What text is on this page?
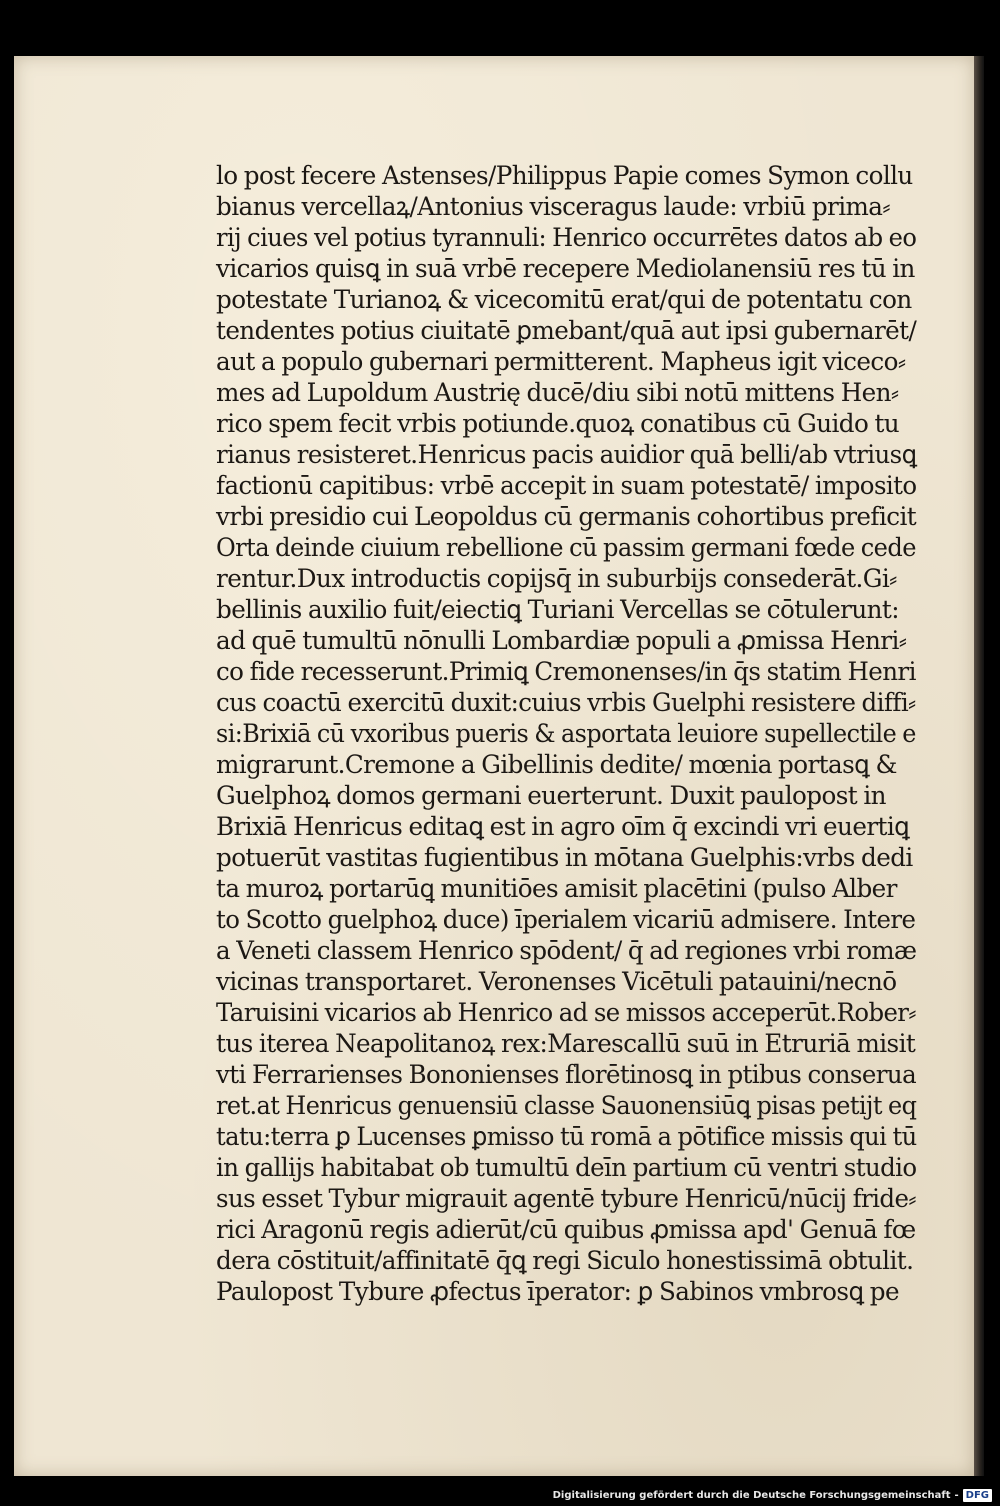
lo post fecere Astenses/Philippus Papie comes Symon collu
bianus vercellaꝝ/Antonius visceragus laude: vrbiū prima⸗
rij ciues vel potius tyrannuli: Henrico occurrētes datos ab eo
vicarios quisꝗ in suā vrbē recepere Mediolanensiū res tū in
potestate Turianoꝝ & vicecomitū erat/qui de potentatu con
tendentes potius ciuitatē ꝑmebant/quā aut ipsi gubernarēt/
aut a populo gubernari permitterent. Mapheus igit viceco⸗
mes ad Lupoldum Austrię ducē/diu sibi notū mittens Hen⸗
rico spem fecit vrbis potiunde.quoꝝ conatibus cū Guido tu
rianus resisteret.Henricus pacis auidior quā belli/ab vtriusꝗ
factionū capitibus: vrbē accepit in suam potestatē/ imposito
vrbi presidio cui Leopoldus cū germanis cohortibus preficit
Orta deinde ciuium rebellione cū passim germani fœde cede
rentur.Dux introductis copijsq̄ in suburbijs consederāt.Gi⸗
bellinis auxilio fuit/eiectiꝗ Turiani Vercellas se cōtulerunt:
ad quē tumultū nōnulli Lombardiæ populi a ꝓmissa Henri⸗
co fide recesserunt.Primiꝗ Cremonenses/in q̄s statim Henri
cus coactū exercitū duxit:cuius vrbis Guelphi resistere diffi⸗
si:Brixiā cū vxoribus pueris & asportata leuiore supellectile e
migrarunt.Cremone a Gibellinis dedite/ mœnia portasꝗ &
Guelphoꝝ domos germani euerterunt. Duxit paulopost in
Brixiā Henricus editaꝗ est in agro oīm q̄ excindi vri euertiꝗ
potuerūt vastitas fugientibus in mōtana Guelphis:vrbs dedi
ta muroꝝ portarūꝗ munitiōes amisit placētini (pulso Alber
to Scotto guelphoꝝ duce) īperialem vicariū admisere. Intere
a Veneti classem Henrico spōdent/ q̄ ad regiones vrbi romæ
vicinas transportaret. Veronenses Vicētuli patauini/necnō
Taruisini vicarios ab Henrico ad se missos acceperūt.Rober⸗
tus iterea Neapolitanoꝝ rex:Marescallū suū in Etruriā misit
vti Ferrarienses Bononienses florētinosꝗ in ptibus conserua
ret.at Henricus genuensiū classe Sauonensiūꝗ pisas petijt eq
tatu:terra ꝑ Lucenses ꝑmisso tū romā a pōtifice missis qui tū
in gallijs habitabat ob tumultū deīn partium cū ventri studio
sus esset Tybur migrauit agentē tybure Henricū/nūcij fride⸗
rici Aragonū regis adierūt/cū quibus ꝓmissa apd' Genuā fœ
dera cōstituit/affinitatē q̄ꝗ regi Siculo honestissimā obtulit.
Paulopost Tybure ꝓfectus īperator: ꝑ Sabinos vmbrosꝗ pe
Digitalisierung gefördert durch die Deutsche Forschungsgemeinschaft - DFG
